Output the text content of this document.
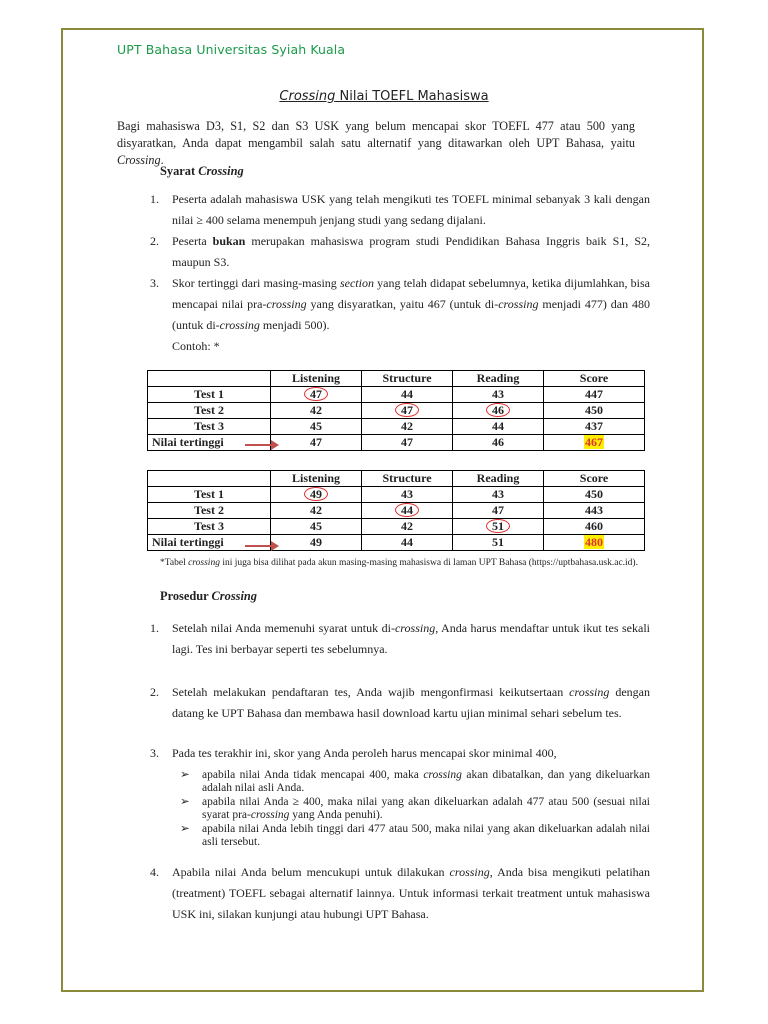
UPT Bahasa Universitas Syiah Kuala
Crossing Nilai TOEFL Mahasiswa
Bagi mahasiswa D3, S1, S2 dan S3 USK yang belum mencapai skor TOEFL 477 atau 500 yang disyaratkan, Anda dapat mengambil salah satu alternatif yang ditawarkan oleh UPT Bahasa, yaitu Crossing.
Syarat Crossing
1.	Peserta adalah mahasiswa USK yang telah mengikuti tes TOEFL minimal sebanyak 3 kali dengan nilai ≥ 400 selama menempuh jenjang studi yang sedang dijalani.
2.	Peserta bukan merupakan mahasiswa program studi Pendidikan Bahasa Inggris baik S1, S2, maupun S3.
3.	Skor tertinggi dari masing-masing section yang telah didapat sebelumnya, ketika dijumlahkan, bisa mencapai nilai pra-crossing yang disyaratkan, yaitu 467 (untuk di-crossing menjadi 477) dan 480 (untuk di-crossing menjadi 500).
Contoh: *
	Listening	Structure	Reading	Score
Test 1	47	44	43	447
Test 2	42	47	46	450
Test 3	45	42	44	437
Nilai tertinggi	47	47	46	467
	Listening	Structure	Reading	Score
Test 1	49	43	43	450
Test 2	42	44	47	443
Test 3	45	42	51	460
Nilai tertinggi	49	44	51	480
*Tabel crossing ini juga bisa dilihat pada akun masing-masing mahasiswa di laman UPT Bahasa (https://uptbahasa.usk.ac.id).
Prosedur Crossing
1.	Setelah nilai Anda memenuhi syarat untuk di-crossing, Anda harus mendaftar untuk ikut tes sekali lagi. Tes ini berbayar seperti tes sebelumnya.
2.	Setelah melakukan pendaftaran tes, Anda wajib mengonfirmasi keikutsertaan crossing dengan datang ke UPT Bahasa dan membawa hasil download kartu ujian minimal sehari sebelum tes.
3.	Pada tes terakhir ini, skor yang Anda peroleh harus mencapai skor minimal 400,
➢ apabila nilai Anda tidak mencapai 400, maka crossing akan dibatalkan, dan yang dikeluarkan adalah nilai asli Anda.
➢ apabila nilai Anda ≥ 400, maka nilai yang akan dikeluarkan adalah 477 atau 500 (sesuai nilai syarat pra-crossing yang Anda penuhi).
➢ apabila nilai Anda lebih tinggi dari 477 atau 500, maka nilai yang akan dikeluarkan adalah nilai asli tersebut.
4.	Apabila nilai Anda belum mencukupi untuk dilakukan crossing, Anda bisa mengikuti pelatihan (treatment) TOEFL sebagai alternatif lainnya. Untuk informasi terkait treatment untuk mahasiswa USK ini, silakan kunjungi atau hubungi UPT Bahasa.
